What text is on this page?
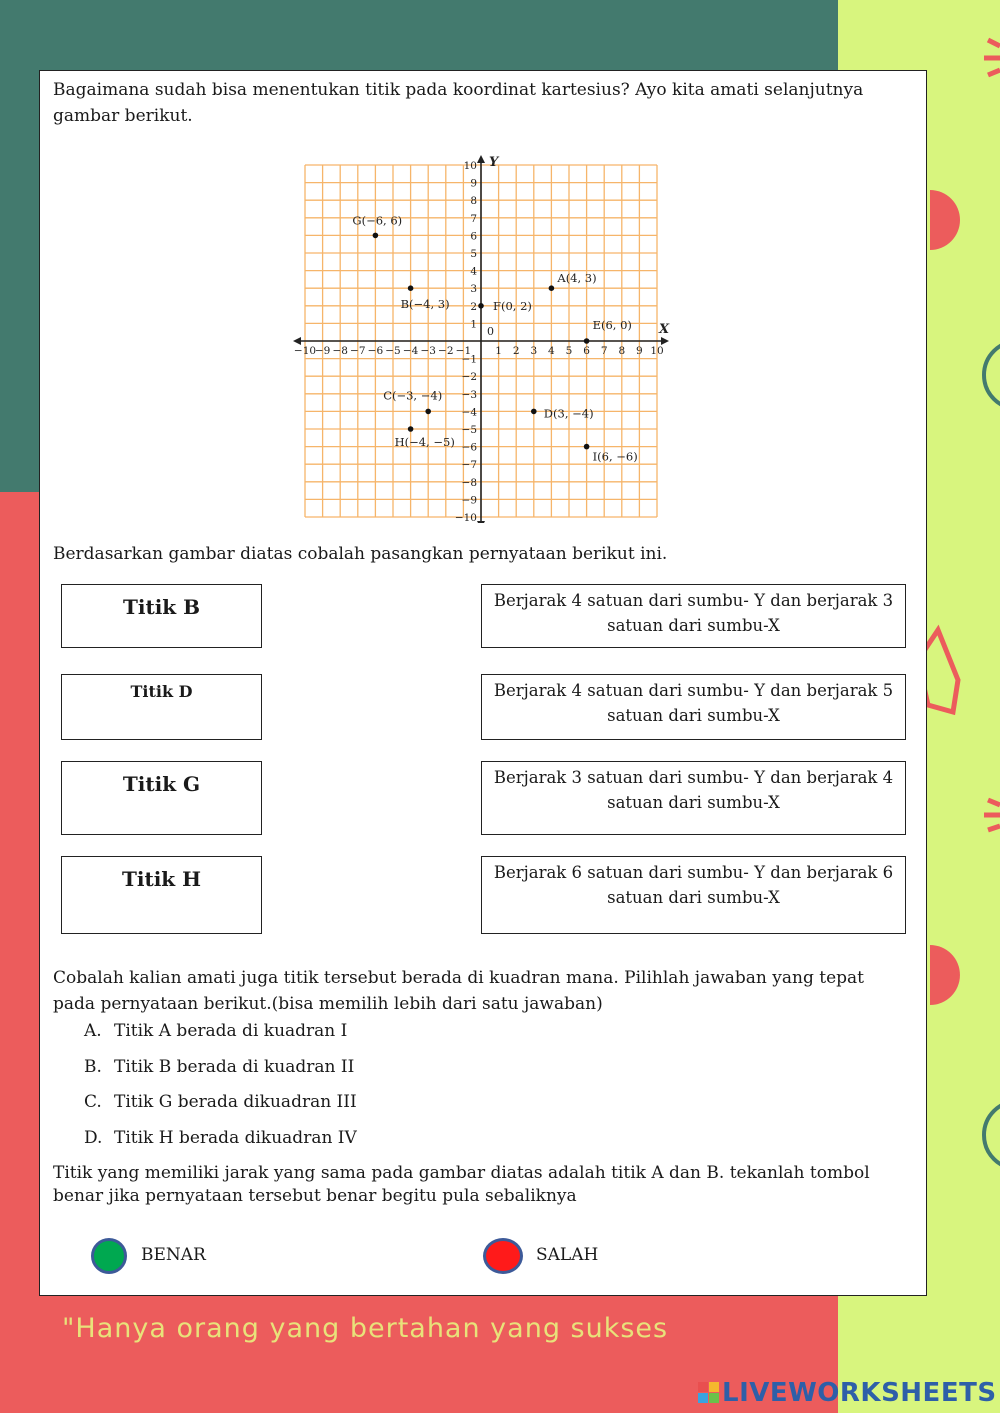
Bagaimana sudah bisa menentukan titik pada koordinat kartesius? Ayo kita amati selanjutnya gambar berikut.

−10
−9 −8 −7 −6 −5 −4 −3 −2 −1 1 2 3 4 5 6 7 8 9 10
−10
−9
−8
−7
−6
−5
−4
−3
−2
−1
1
2
3
4
5
6
7
8
9
10
0	X
Y
A(4, 3)
B(−4, 3)
C(−3, −4)
D(3, −4)
E(6, 0)
F(0, 2)
G(−6, 6)
H(−4, −5)
I(6, −6)

Berdasarkan gambar diatas cobalah pasangkan pernyataan berikut ini.

Titik B
Titik D
Titik G
Titik H
Berjarak 4 satuan dari sumbu- Y dan berjarak 3 satuan dari sumbu-X
Berjarak 4 satuan dari sumbu- Y dan berjarak 5 satuan dari sumbu-X
Berjarak 3 satuan dari sumbu- Y dan berjarak 4 satuan dari sumbu-X
Berjarak 6 satuan dari sumbu- Y dan berjarak 6 satuan dari sumbu-X

Cobalah kalian amati juga titik tersebut berada di kuadran mana. Pilihlah jawaban yang tepat pada pernyataan berikut.(bisa memilih lebih dari satu jawaban)

A. Titik A berada di kuadran I
B. Titik B berada di kuadran II
C. Titik G berada dikuadran III
D. Titik H berada dikuadran IV

Titik yang memiliki jarak yang sama pada gambar diatas adalah titik A dan B. tekanlah tombol benar jika pernyataan tersebut benar begitu pula sebaliknya

BENAR	SALAH
"Hanya orang yang bertahan yang sukses
LIVEWORKSHEETS
